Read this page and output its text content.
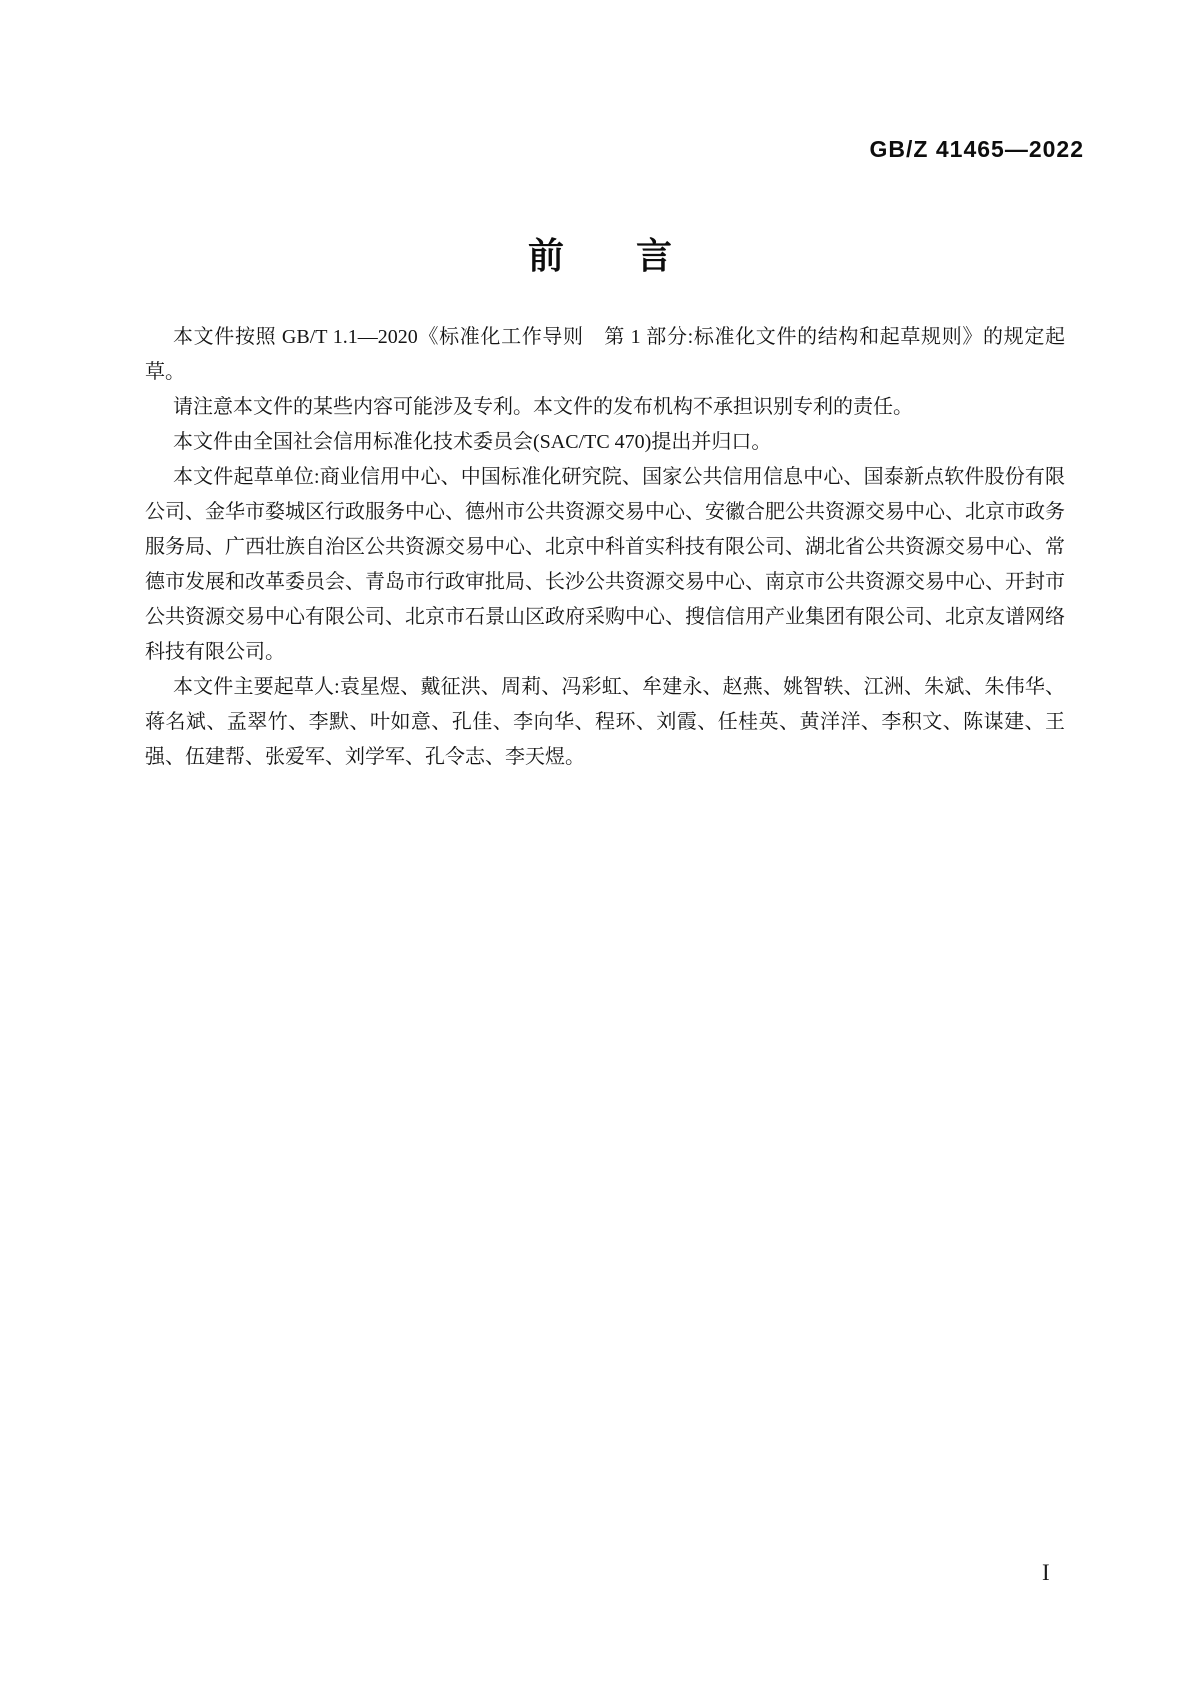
GB/Z 41465—2022
前言

本文件按照 GB/T 1.1—2020《标准化工作导则　第 1 部分:标准化文件的结构和起草规则》的规定起草。

请注意本文件的某些内容可能涉及专利。本文件的发布机构不承担识别专利的责任。

本文件由全国社会信用标准化技术委员会(SAC/TC 470)提出并归口。

本文件起草单位:商业信用中心、中国标准化研究院、国家公共信用信息中心、国泰新点软件股份有限公司、金华市婺城区行政服务中心、德州市公共资源交易中心、安徽合肥公共资源交易中心、北京市政务服务局、广西壮族自治区公共资源交易中心、北京中科首实科技有限公司、湖北省公共资源交易中心、常德市发展和改革委员会、青岛市行政审批局、长沙公共资源交易中心、南京市公共资源交易中心、开封市公共资源交易中心有限公司、北京市石景山区政府采购中心、搜信信用产业集团有限公司、北京友谱网络科技有限公司。

本文件主要起草人:袁星煜、戴征洪、周莉、冯彩虹、牟建永、赵燕、姚智轶、江洲、朱斌、朱伟华、蒋名斌、孟翠竹、李默、叶如意、孔佳、李向华、程环、刘霞、任桂英、黄洋洋、李积文、陈谋建、王强、伍建帮、张爱军、刘学军、孔令志、李天煜。

I
